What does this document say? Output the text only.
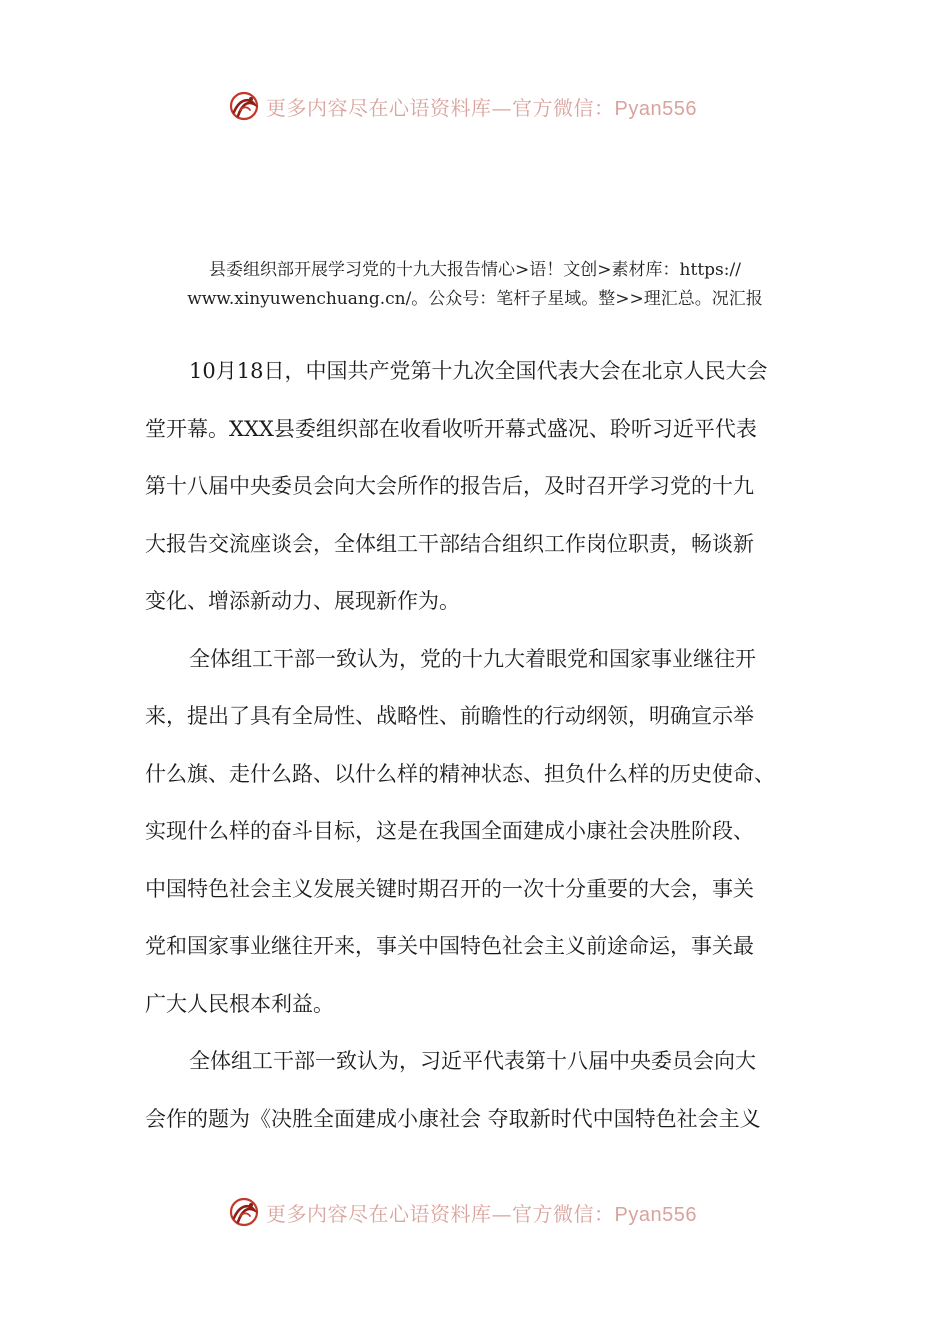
更多内容尽在心语资料库—官方微信：Pyan556
县委组织部开展学习党的十九大报告情心>语！文创>素材库：https://
www.xinyuwenchuang.cn/。公众号：笔杆子星域。整>>理汇总。况汇报
10月18日，中国共产党第十九次全国代表大会在北京人民大会
堂开幕。XXX县委组织部在收看收听开幕式盛况、聆听习近平代表
第十八届中央委员会向大会所作的报告后，及时召开学习党的十九
大报告交流座谈会，全体组工干部结合组织工作岗位职责，畅谈新
变化、增添新动力、展现新作为。
全体组工干部一致认为，党的十九大着眼党和国家事业继往开
来，提出了具有全局性、战略性、前瞻性的行动纲领，明确宣示举
什么旗、走什么路、以什么样的精神状态、担负什么样的历史使命、
实现什么样的奋斗目标，这是在我国全面建成小康社会决胜阶段、
中国特色社会主义发展关键时期召开的一次十分重要的大会，事关
党和国家事业继往开来，事关中国特色社会主义前途命运，事关最
广大人民根本利益。
全体组工干部一致认为，习近平代表第十八届中央委员会向大
会作的题为《决胜全面建成小康社会 夺取新时代中国特色社会主义
更多内容尽在心语资料库—官方微信：Pyan556
